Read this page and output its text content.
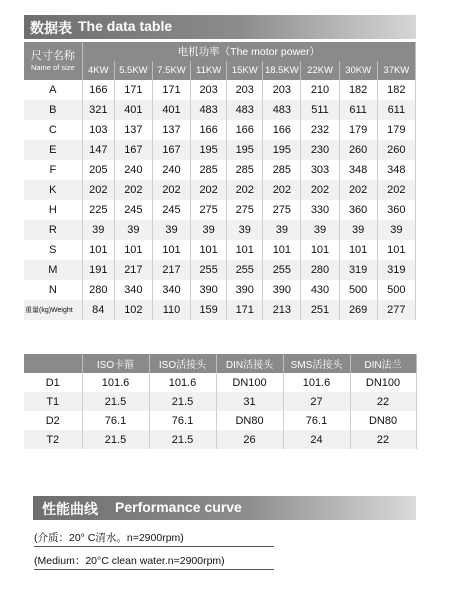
数据表 The data table
尺寸名称
Name of size	电机功率（The motor power）								
	4KW	5.5KW	7.5KW	11KW	15KW	18.5KW	22KW	30KW	37KW
A	166	171	171	203	203	203	210	182	182
B	321	401	401	483	483	483	511	611	611
C	103	137	137	166	166	166	232	179	179
E	147	167	167	195	195	195	230	260	260
F	205	240	240	285	285	285	303	348	348
K	202	202	202	202	202	202	202	202	202
H	225	245	245	275	275	275	330	360	360
R	39	39	39	39	39	39	39	39	39
S	101	101	101	101	101	101	101	101	101
M	191	217	217	255	255	255	280	319	319
N	280	340	340	390	390	390	430	500	500
重量(kg)Weight	84	102	110	159	171	213	251	269	277
	ISO卡箍	ISO活接头	DIN活接头	SMS活接头	DIN法兰
D1	101.6	101.6	DN100	101.6	DN100
T1	21.5	21.5	31	27	22
D2	76.1	76.1	DN80	76.1	DN80
T2	21.5	21.5	26	24	22
性能曲线 Performance curve
(介质：20° C清水。n=2900rpm)
(Medium：20°C clean water.n=2900rpm)
